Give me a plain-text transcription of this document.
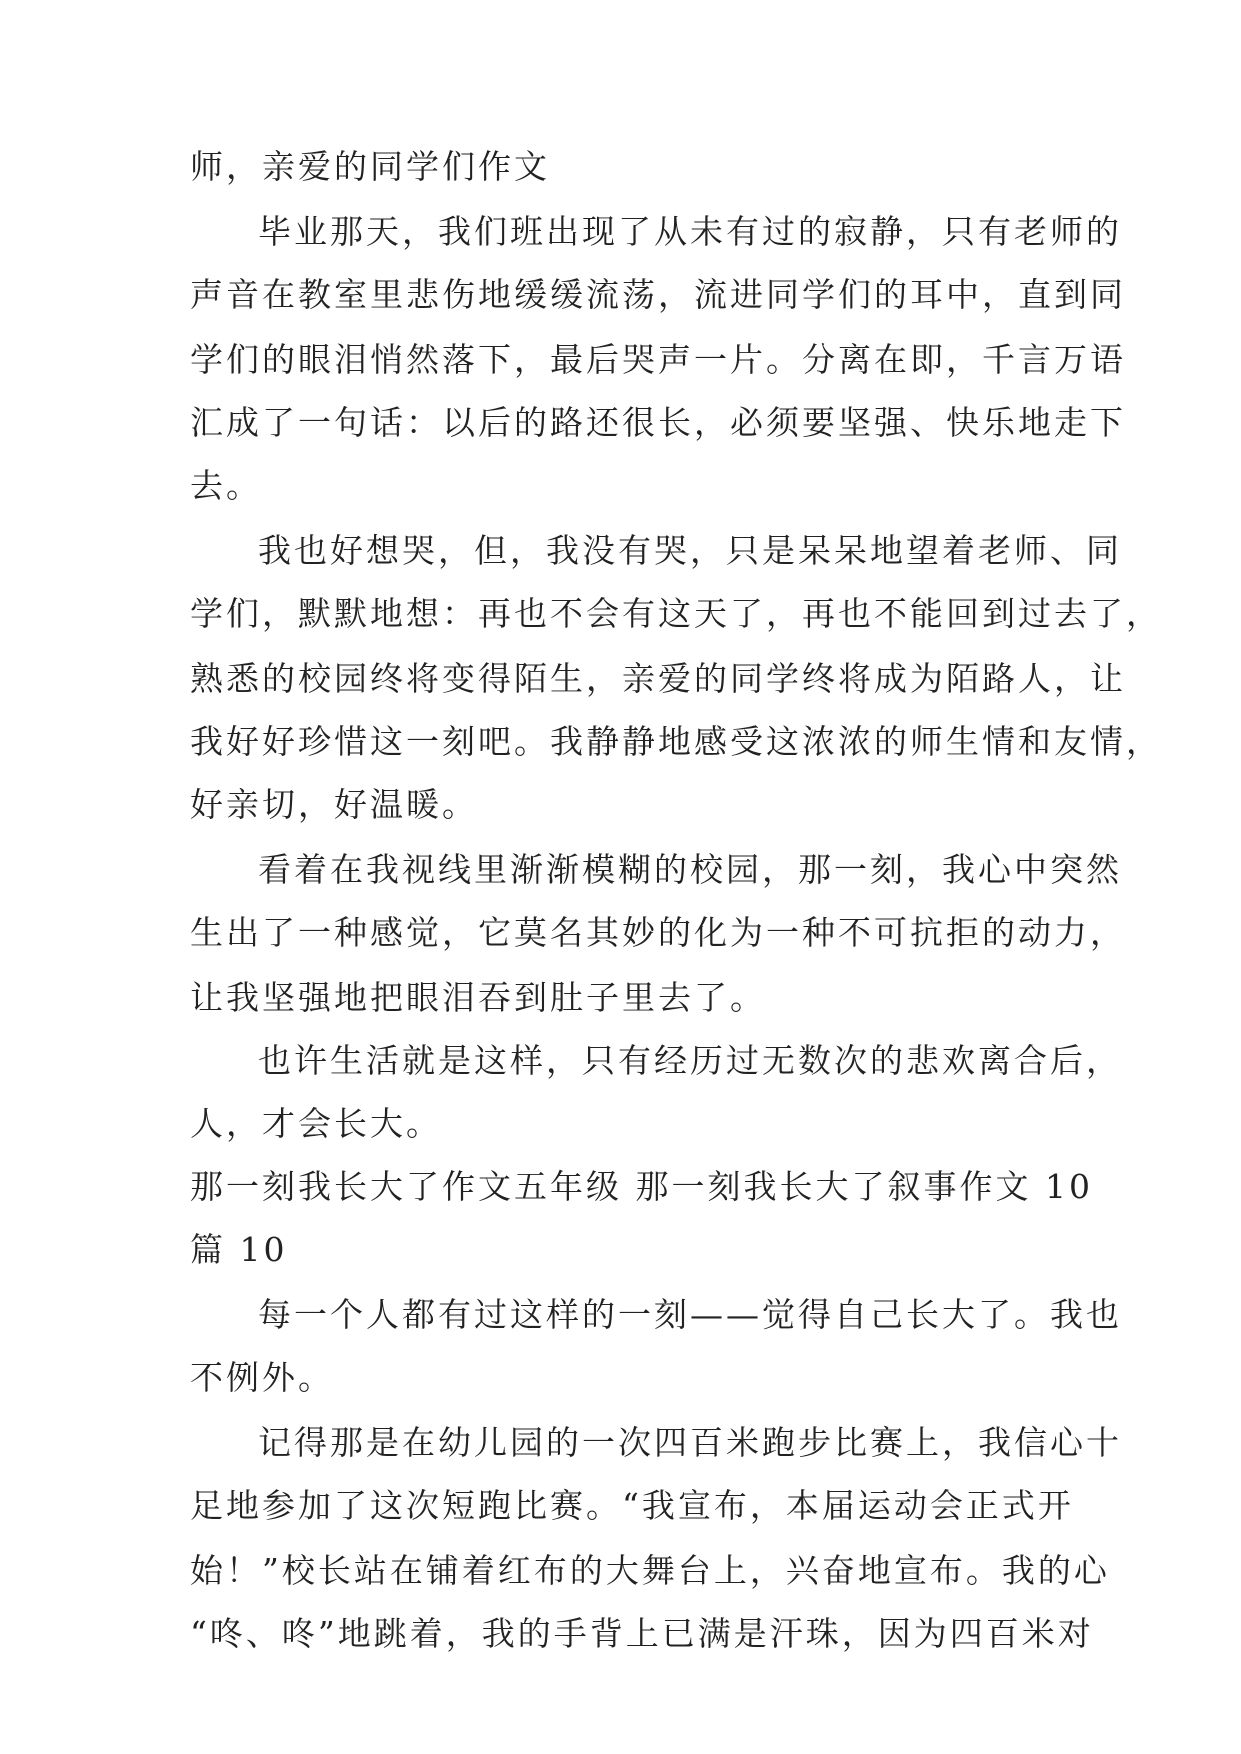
师，亲爱的同学们作文
毕业那天，我们班出现了从未有过的寂静，只有老师的
声音在教室里悲伤地缓缓流荡，流进同学们的耳中，直到同
学们的眼泪悄然落下，最后哭声一片。分离在即，千言万语
汇成了一句话：以后的路还很长，必须要坚强、快乐地走下
去。
我也好想哭，但，我没有哭，只是呆呆地望着老师、同
学们，默默地想：再也不会有这天了，再也不能回到过去了，
熟悉的校园终将变得陌生，亲爱的同学终将成为陌路人，让
我好好珍惜这一刻吧。我静静地感受这浓浓的师生情和友情，
好亲切，好温暖。
看着在我视线里渐渐模糊的校园，那一刻，我心中突然
生出了一种感觉，它莫名其妙的化为一种不可抗拒的动力，
让我坚强地把眼泪吞到肚子里去了。
也许生活就是这样，只有经历过无数次的悲欢离合后，
人，才会长大。
那一刻我长大了作文五年级 那一刻我长大了叙事作文 10
篇 10
每一个人都有过这样的一刻——觉得自己长大了。我也
不例外。
记得那是在幼儿园的一次四百米跑步比赛上，我信心十
足地参加了这次短跑比赛。“我宣布，本届运动会正式开
始！”校长站在铺着红布的大舞台上，兴奋地宣布。我的心
“咚、咚”地跳着，我的手背上已满是汗珠，因为四百米对
